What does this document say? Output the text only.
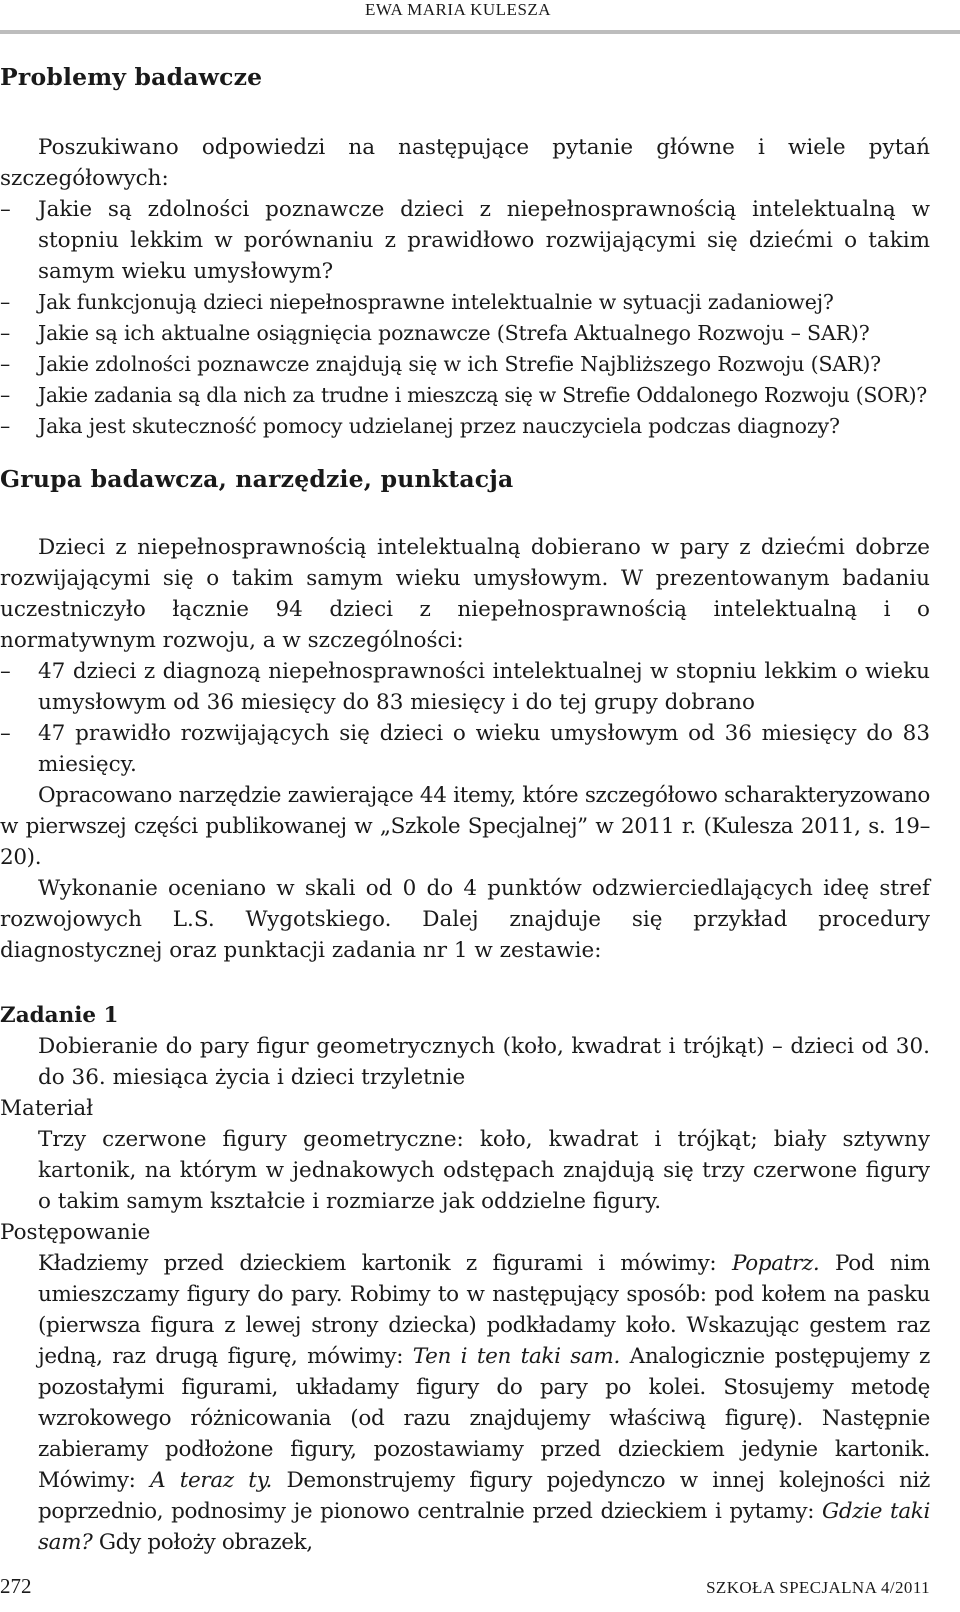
EWA MARIA KULESZA
Problemy badawcze

Poszukiwano odpowiedzi na następujące pytanie główne i wiele pytań szczegółowych:

– Jakie są zdolności poznawcze dzieci z niepełnosprawnością intelektualną w stopniu lekkim w porównaniu z prawidłowo rozwijającymi się dziećmi o takim samym wieku umysłowym?
– Jak funkcjonują dzieci niepełnosprawne intelektualnie w sytuacji zadaniowej?
– Jakie są ich aktualne osiągnięcia poznawcze (Strefa Aktualnego Rozwoju – SAR)?
– Jakie zdolności poznawcze znajdują się w ich Strefie Najbliższego Rozwoju (SAR)?
– Jakie zadania są dla nich za trudne i mieszczą się w Strefie Oddalonego Rozwoju (SOR)?
– Jaka jest skuteczność pomocy udzielanej przez nauczyciela podczas diagnozy?
Grupa badawcza, narzędzie, punktacja

Dzieci z niepełnosprawnością intelektualną dobierano w pary z dziećmi dobrze rozwijającymi się o takim samym wieku umysłowym. W prezentowanym badaniu uczestniczyło łącznie 94 dzieci z niepełnosprawnością intelektualną i o normatywnym rozwoju, a w szczególności:

– 47 dzieci z diagnozą niepełnosprawności intelektualnej w stopniu lekkim o wieku umysłowym od 36 miesięcy do 83 miesięcy i do tej grupy dobrano
– 47 prawidło rozwijających się dzieci o wieku umysłowym od 36 miesięcy do 83 miesięcy.

Opracowano narzędzie zawierające 44 itemy, które szczegółowo scharakteryzowano w pierwszej części publikowanej w „Szkole Specjalnej” w 2011 r. (Kulesza 2011, s. 19–20).

Wykonanie oceniano w skali od 0 do 4 punktów odzwierciedlających ideę stref rozwojowych L.S. Wygotskiego. Dalej znajduje się przykład procedury diagnostycznej oraz punktacji zadania nr 1 w zestawie:

Zadanie 1

Dobieranie do pary figur geometrycznych (koło, kwadrat i trójkąt) – dzieci od 30. do 36. miesiąca życia i dzieci trzyletnie

Materiał

Trzy czerwone figury geometryczne: koło, kwadrat i trójkąt; biały sztywny kartonik, na którym w jednakowych odstępach znajdują się trzy czerwone figury o takim samym kształcie i rozmiarze jak oddzielne figury.

Postępowanie

Kładziemy przed dzieckiem kartonik z figurami i mówimy: Popatrz. Pod nim umieszczamy figury do pary. Robimy to w następujący sposób: pod kołem na pasku (pierwsza figura z lewej strony dziecka) podkładamy koło. Wskazując gestem raz jedną, raz drugą figurę, mówimy: Ten i ten taki sam. Analogicznie postępujemy z pozostałymi figurami, układamy figury do pary po kolei. Stosujemy metodę wzrokowego różnicowania (od razu znajdujemy właściwą figurę). Następnie zabieramy podłożone figury, pozostawiamy przed dzieckiem jedynie kartonik. Mówimy: A teraz ty. Demonstrujemy figury pojedynczo w innej kolejności niż poprzednio, podnosimy je pionowo centralnie przed dzieckiem i pytamy: Gdzie taki sam? Gdy położy obrazek,

272	SZKOŁA SPECJALNA 4/2011
